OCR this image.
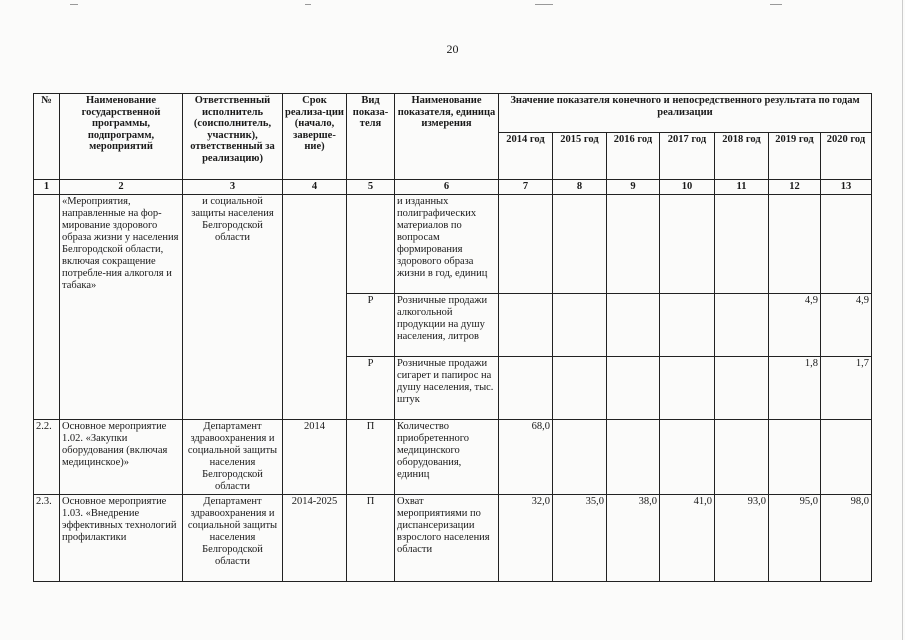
20
№	Наименование государственной программы, подпрограмм, мероприятий	Ответственный исполнитель (соисполнитель, участник), ответственный за реализацию)	Срок реализа-ции (начало, заверше-ние)	Вид показа-теля	Наименование показателя, единица измерения	Значение показателя конечного и непосредственного результата по годам реализации						
						2014 год	2015 год	2016 год	2017 год	2018 год	2019 год	2020 год
1	2	3	4	5	6	7	8	9	10	11	12	13
	«Мероприятия, направленные на фор-мирование здорового образа жизни у населения Белгородской области, включая сокращение потребле-ния алкоголя и табака»	и социальной защиты населения Белгородской области			и изданных полиграфических материалов по вопросам формирования здорового образа жизни в год, единиц							
				Р	Розничные продажи алкогольной продукции на душу населения, литров						4,9	4,9
				Р	Розничные продажи сигарет и папирос на душу населения, тыс. штук						1,8	1,7
2.2.	Основное мероприятие 1.02. «Закупки оборудования (включая медицинское)»	Департамент здравоохранения и социальной защиты населения Белгородской области	2014	П	Количество приобретенного медицинского оборудования, единиц	68,0						
2.3.	Основное мероприятие 1.03. «Внедрение эффективных технологий профилактики	Департамент здравоохранения и социальной защиты населения Белгородской области	2014-2025	П	Охват мероприятиями по диспансеризации взрослого населения области	32,0	35,0	38,0	41,0	93,0	95,0	98,0
